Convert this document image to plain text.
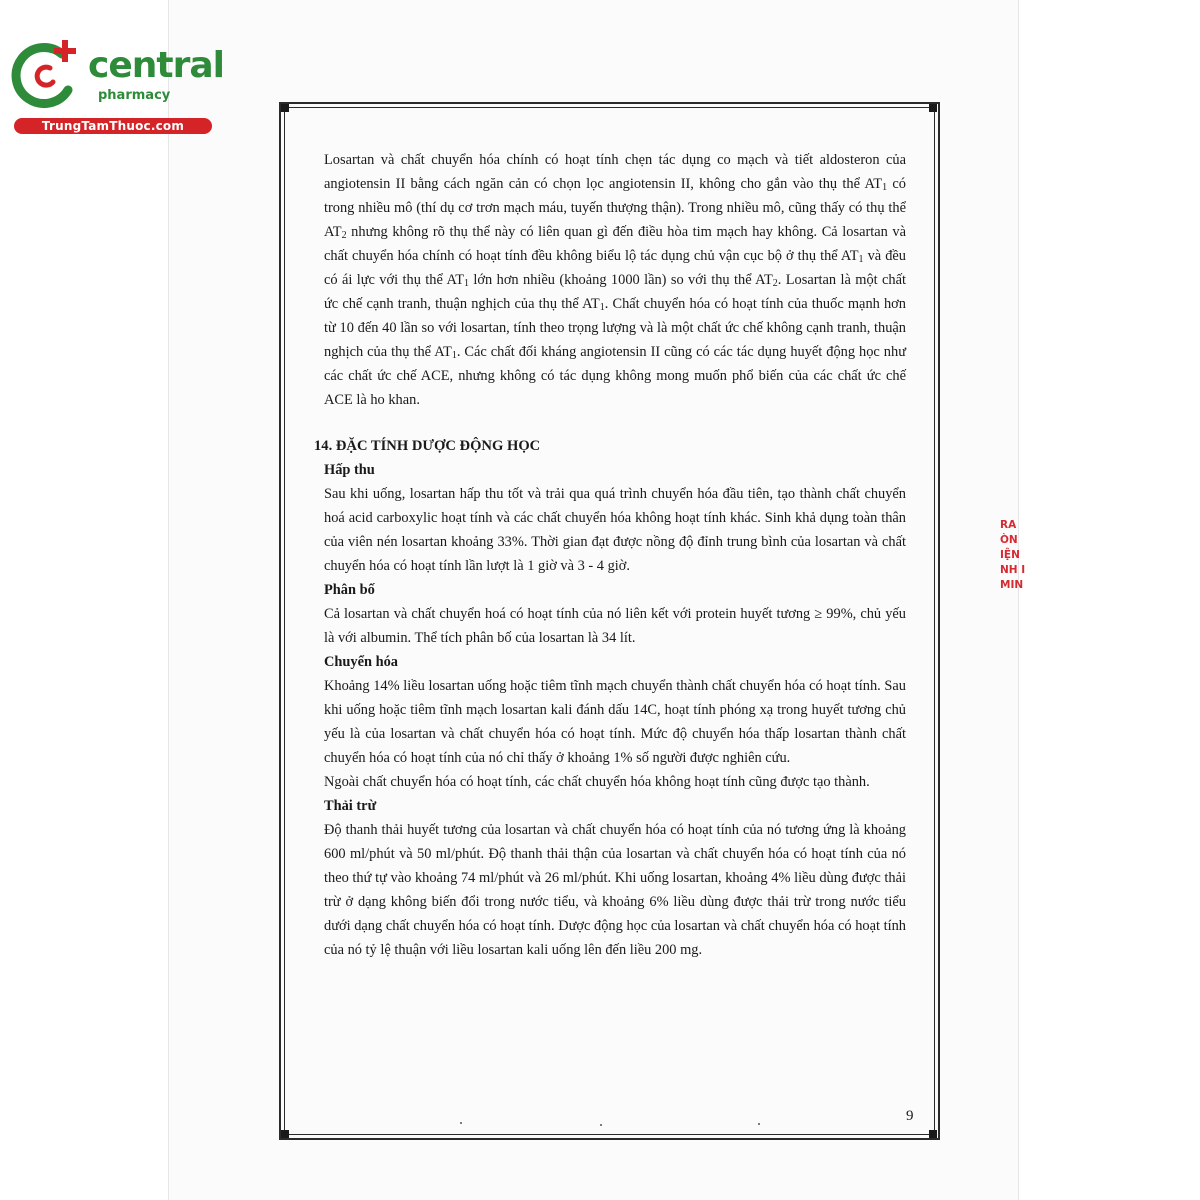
central
pharmacy
TrungTamThuoc.com

Losartan và chất chuyển hóa chính có hoạt tính chẹn tác dụng co mạch và tiết aldosteron của angiotensin II bằng cách ngăn cản có chọn lọc angiotensin II, không cho gắn vào thụ thể $AT_1$ có trong nhiều mô (thí dụ cơ trơn mạch máu, tuyến thượng thận). Trong nhiều mô, cũng thấy có thụ thể $AT_2$ nhưng không rõ thụ thể này có liên quan gì đến điều hòa tim mạch hay không. Cả losartan và chất chuyển hóa chính có hoạt tính đều không biểu lộ tác dụng chủ vận cục bộ ở thụ thể $AT_1$ và đều có ái lực với thụ thể $AT_1$ lớn hơn nhiều (khoảng 1000 lần) so với thụ thể $AT_2$. Losartan là một chất ức chế cạnh tranh, thuận nghịch của thụ thể $AT_1$. Chất chuyển hóa có hoạt tính của thuốc mạnh hơn từ 10 đến 40 lần so với losartan, tính theo trọng lượng và là một chất ức chế không cạnh tranh, thuận nghịch của thụ thể $AT_1$. Các chất đối kháng angiotensin II cũng có các tác dụng huyết động học như các chất ức chế ACE, nhưng không có tác dụng không mong muốn phổ biến của các chất ức chế ACE là ho khan.

14. ĐẶC TÍNH DƯỢC ĐỘNG HỌC

Hấp thu

Sau khi uống, losartan hấp thu tốt và trải qua quá trình chuyển hóa đầu tiên, tạo thành chất chuyển hoá acid carboxylic hoạt tính và các chất chuyển hóa không hoạt tính khác. Sinh khả dụng toàn thân của viên nén losartan khoảng 33%. Thời gian đạt được nồng độ đỉnh trung bình của losartan và chất chuyển hóa có hoạt tính lần lượt là 1 giờ và 3 - 4 giờ.

Phân bố

Cả losartan và chất chuyển hoá có hoạt tính của nó liên kết với protein huyết tương ≥ 99%, chủ yếu là với albumin. Thể tích phân bố của losartan là 34 lít.

Chuyển hóa

Khoảng 14% liều losartan uống hoặc tiêm tĩnh mạch chuyển thành chất chuyển hóa có hoạt tính. Sau khi uống hoặc tiêm tĩnh mạch losartan kali đánh dấu 14C, hoạt tính phóng xạ trong huyết tương chủ yếu là của losartan và chất chuyển hóa có hoạt tính. Mức độ chuyển hóa thấp losartan thành chất chuyển hóa có hoạt tính của nó chỉ thấy ở khoảng 1% số người được nghiên cứu.

Ngoài chất chuyển hóa có hoạt tính, các chất chuyển hóa không hoạt tính cũng được tạo thành.

Thải trừ

Độ thanh thải huyết tương của losartan và chất chuyển hóa có hoạt tính của nó tương ứng là khoảng 600 ml/phút và 50 ml/phút. Độ thanh thải thận của losartan và chất chuyển hóa có hoạt tính của nó theo thứ tự vào khoảng 74 ml/phút và 26 ml/phút. Khi uống losartan, khoảng 4% liều dùng được thải trừ ở dạng không biến đổi trong nước tiểu, và khoảng 6% liều dùng được thải trừ trong nước tiểu dưới dạng chất chuyển hóa có hoạt tính. Dược động học của losartan và chất chuyển hóa có hoạt tính của nó tỷ lệ thuận với liều losartan kali uống lên đến liều 200 mg.

9
RA
ÒN
IỆN
NH I
MIN
